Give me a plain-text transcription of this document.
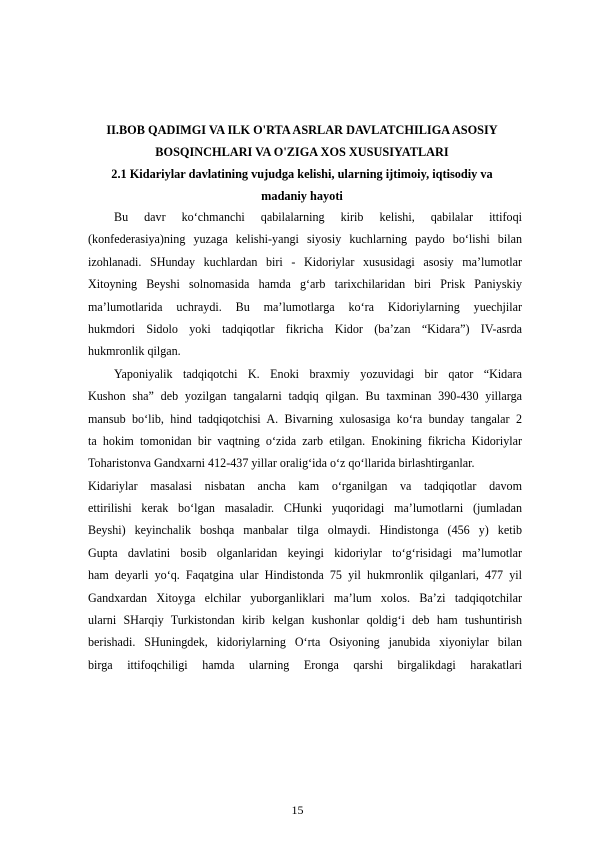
II.BOB QADIMGI VA ILK O'RTA ASRLAR DAVLATCHILIGA ASOSIY
BOSQINCHLARI VA O'ZIGA XOS XUSUSIYATLARI

2.1 Kidariylar davlatining vujudga kelishi, ularning ijtimoiy, iqtisodiy va
madaniy hayoti

Bu davr ko‘chmanchi qabilalarning kirib kelishi, qabilalar ittifoqi
(konfederasiya)ning yuzaga kelishi-yangi siyosiy kuchlarning paydo bo‘lishi bilan
izohlanadi. SHunday kuchlardan biri - Kidoriylar xususidagi asosiy ma’lumotlar
Xitoyning Beyshi solnomasida hamda g‘arb tarixchilaridan biri Prisk Paniyskiy
ma’lumotlarida uchraydi. Bu ma’lumotlarga ko‘ra Kidoriylarning yuechjilar
hukmdori Sidolo yoki tadqiqotlar fikricha Kidor (ba’zan “Kidara”) IV-asrda
hukmronlik qilgan.
Yaponiyalik tadqiqotchi K. Enoki braxmiy yozuvidagi bir qator “Kidara
Kushon sha” deb yozilgan tangalarni tadqiq qilgan. Bu taxminan 390-430 yillarga
mansub bo‘lib, hind tadqiqotchisi A. Bivarning xulosasiga ko‘ra bunday tangalar 2
ta hokim tomonidan bir vaqtning o‘zida zarb etilgan. Enokining fikricha Kidoriylar
Toharistonva Gandxarni 412-437 yillar oralig‘ida o‘z qo‘llarida birlashtirganlar.
Kidariylar masalasi nisbatan ancha kam o‘rganilgan va tadqiqotlar davom
ettirilishi kerak bo‘lgan masaladir. CHunki yuqoridagi ma’lumotlarni (jumladan
Beyshi) keyinchalik boshqa manbalar tilga olmaydi. Hindistonga (456 y) ketib
Gupta davlatini bosib olganlaridan keyingi kidoriylar to‘g‘risidagi ma’lumotlar
ham deyarli yo‘q. Faqatgina ular Hindistonda 75 yil hukmronlik qilganlari, 477 yil
Gandxardan Xitoyga elchilar yuborganliklari ma’lum xolos. Ba’zi tadqiqotchilar
ularni SHarqiy Turkistondan kirib kelgan kushonlar qoldig‘i deb ham tushuntirish
berishadi. SHuningdek, kidoriylarning O‘rta Osiyoning janubida xiyoniylar bilan
birga ittifoqchiligi hamda ularning Eronga qarshi birgalikdagi harakatlari
15
